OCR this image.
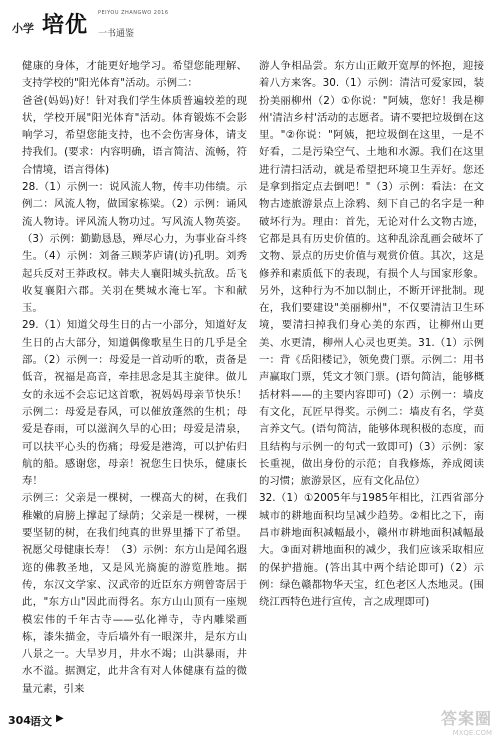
小学 培优 PEIYOU ZHANGWO 2016
一书通鉴

健康的身体，才能更好地学习。希望您能理解、支持学校的"阳光体育"活动。示例二：

爸爸(妈妈)好！针对我们学生体质普遍较差的现状，学校开展"阳光体育"活动。体育锻炼不会影响学习，希望您能支持，也不会伤害身体，请支持我们。(要求：内容明确，语言简洁、流畅，符合情境，语言得体)

28.（1）示例一：说风流人物，传丰功伟绩。示例二：风流人物，做国家栋梁。（2）示例：诵风流人物诗。评风流人物功过。写风流人物英姿。（3）示例：勤勤恳恳，殚尽心力，为事业奋斗终生。（4）示例：刘备三顾茅庐请(访)孔明。刘秀起兵反对王莽政权。韩夫人襄阳城头抗敌。岳飞收复襄阳六郡。关羽在樊城水淹七军。卞和献玉。

29.（1）知道父母生日的占一小部分，知道好友生日的占大部分，知道偶像歌星生日的几乎是全部。（2）示例一：母爱是一首动听的歌，责备是低音，祝福是高音，牵挂思念是其主旋律。做儿女的永远不会忘记这首歌，祝妈妈母亲节快乐！示例二：母爱是春风，可以催放蓬然的生机；母爱是春雨，可以滋润久旱的心田；母爱是清泉，可以扶平心头的伤痛；母爱是港湾，可以护佑归航的船。感谢您，母亲！祝您生日快乐，健康长寿！

示例三：父亲是一棵树，一棵高大的树，在我们稚嫩的肩膀上撑起了绿荫；父亲是一棵树，一棵要坚韧的树，在我们纯真的世界里播下了希望。祝愿父母健康长寿！（3）示例：东方山是闻名遐迩的佛教圣地，又是风光旖旎的游览胜地。据传，东汉文学家、汉武帝的近臣东方朔曾寄居于此，"东方山"因此而得名。东方山山顶有一座规模宏伟的千年古寺——弘化禅寺，寺内雕梁画栋，漆朱描金，寺后墙外有一眼深井，是东方山八景之一。大旱岁月，井水不竭；山洪暴雨，井水不溢。据测定，此井含有对人体健康有益的微量元素，引来

游人争相品尝。东方山正敞开宽厚的怀抱，迎接着八方来客。30.（1）示例：清洁可爱家园，装扮美丽柳州（2）①你说："阿姨，您好！我是柳州'清洁乡村'活动的志愿者。请不要把垃圾倒在这里。"②你说："阿姨，把垃圾倒在这里，一是不好看，二是污染空气、土地和水源。我们在这里进行清扫活动，就是希望把环境卫生弄好。您还是拿到指定点去倒吧！"（3）示例：看法：在文物古迹旅游景点上涂鸦、刻下自己的名字是一种破坏行为。理由：首先，无论对什么文物古迹，它都是具有历史价值的。这种乱涂乱画会破坏了文物、景点的历史价值与观赏价值。其次，这是修养和素质低下的表现，有损个人与国家形象。另外，这种行为不加以制止，不断开评批制。现在，我们要建设"美丽柳州"，不仅要清洁卫生环境，要清扫掉我们身心美的东西，让柳州山更美、水更清，柳州人心灵也更美。31.（1）示例一：背《岳阳楼记》，领免费门票。示例二：用书声赢取门票，凭文才领门票。(语句简洁，能够概括材料——的主要内容即可)（2）示例一：墙皮有文化，瓦匠早得奖。示例二：墙皮有名，学莫言养文气。(语句简洁，能够体现积极的态度，而且结构与示例一的句式一致即可)（3）示例：家长重视，做出身份的示范；自我修炼，养成阅读的习惯；旅游景区，应有文化品位）

32.（1）①2005年与1985年相比，江西省部分城市的耕地面积均呈减少趋势。②相比之下，南昌市耕地面积减幅最小，赣州市耕地面积减幅最大。③面对耕地面积的减少，我们应该采取相应的保护措施。(答出其中两个结论即可)（2）示例：绿色赣都物华天宝，红色老区人杰地灵。(围绕江西特色进行宣传，言之成理即可)

304 语文 ▶	答案圈
MXQE.COM
